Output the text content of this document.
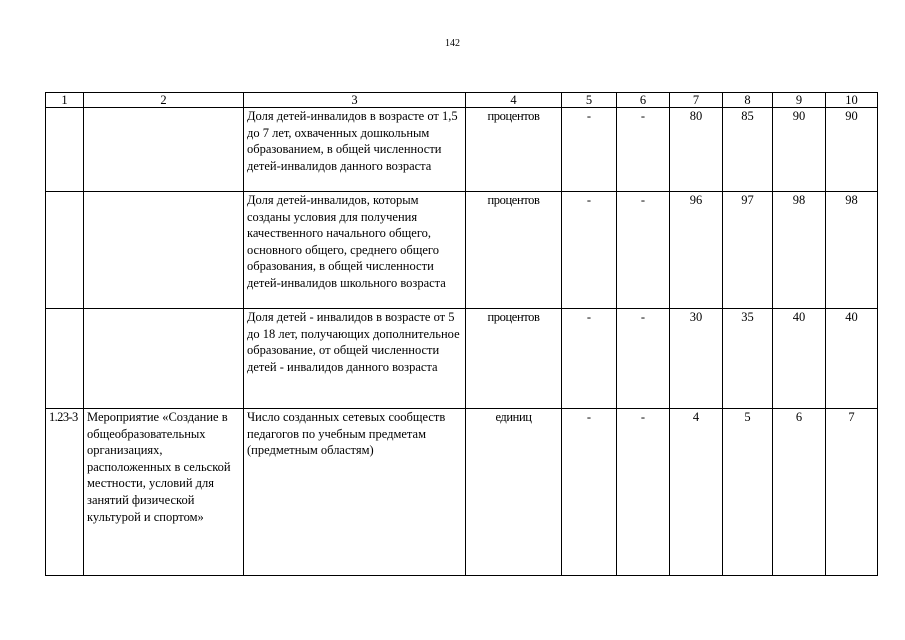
142
1	2	3	4	5	6	7	8	9	10
		Доля детей-инвалидов в возрасте от 1,5 до 7 лет, охваченных дошкольным образованием, в общей численности детей-инвалидов данного возраста	процентов	-	-	80	85	90	90
		Доля детей-инвалидов, которым созданы условия для получения качественного начального общего, основного общего, среднего общего образования, в общей численности детей-инвалидов школьного возраста	процентов	-	-	96	97	98	98
		Доля детей - инвалидов в возрасте от 5 до 18 лет, получающих дополнительное образование, от общей численности детей - инвалидов данного возраста	процентов	-	-	30	35	40	40
1.23-3	Мероприятие «Создание в общеобразовательных организациях, расположенных в сельской местности, условий для занятий физической культурой и спортом»	Число созданных сетевых сообществ педагогов по учебным предметам (предметным областям)	единиц	-	-	4	5	6	7
